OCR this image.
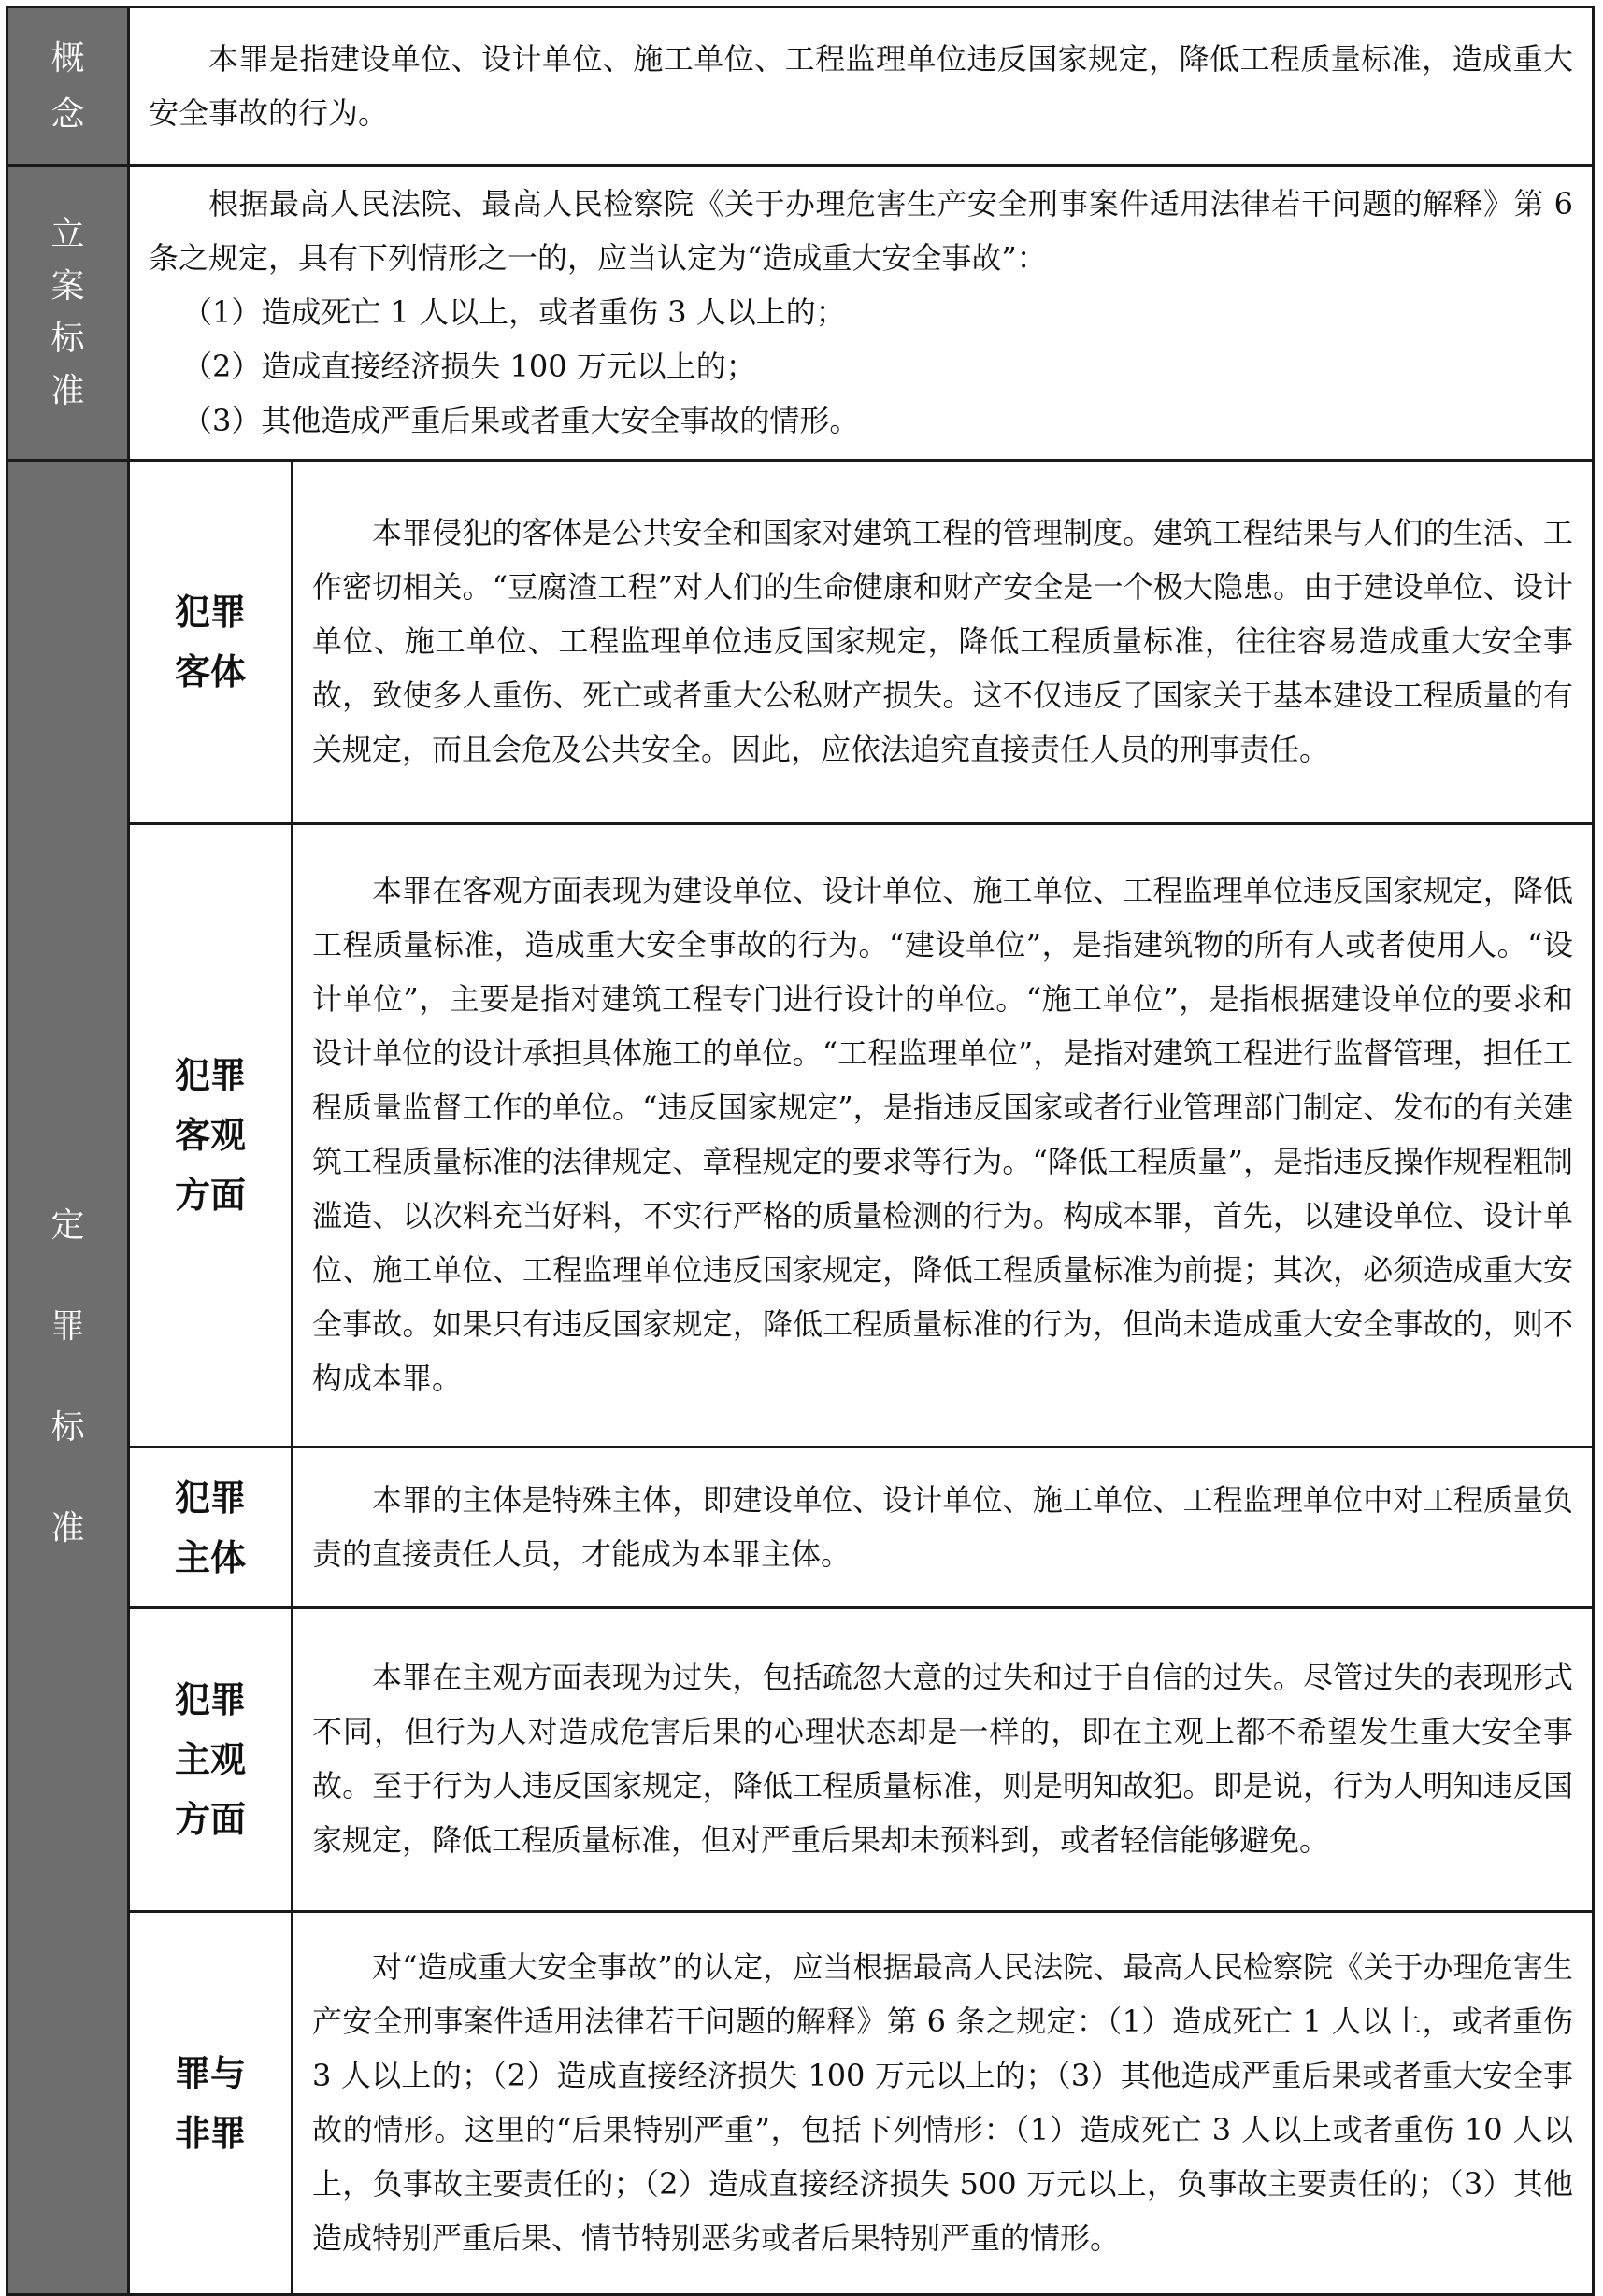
概念	本罪是指建设单位、设计单位、施工单位、工程监理单位违反国家规定，降低工程质量标准，造成重大安全事故的行为。	

立案标准	根据最高人民法院、最高人民检察院《关于办理危害生产安全刑事案件适用法律若干问题的解释》第 6 条之规定，具有下列情形之一的，应当认定为“造成重大安全事故”：

（1）造成死亡 1 人以上，或者重伤 3 人以上的；

（2）造成直接经济损失 100 万元以上的；

（3）其他造成严重后果或者重大安全事故的情形。	

定罪标准	犯罪客体	本罪侵犯的客体是公共安全和国家对建筑工程的管理制度。建筑工程结果与人们的生活、工作密切相关。“豆腐渣工程”对人们的生命健康和财产安全是一个极大隐患。由于建设单位、设计单位、施工单位、工程监理单位违反国家规定，降低工程质量标准，往往容易造成重大安全事故，致使多人重伤、死亡或者重大公私财产损失。这不仅违反了国家关于基本建设工程质量的有关规定，而且会危及公共安全。因此，应依法追究直接责任人员的刑事责任。

	犯罪客观方面	本罪在客观方面表现为建设单位、设计单位、施工单位、工程监理单位违反国家规定，降低工程质量标准，造成重大安全事故的行为。“建设单位”，是指建筑物的所有人或者使用人。“设计单位”，主要是指对建筑工程专门进行设计的单位。“施工单位”，是指根据建设单位的要求和设计单位的设计承担具体施工的单位。“工程监理单位”，是指对建筑工程进行监督管理，担任工程质量监督工作的单位。“违反国家规定”，是指违反国家或者行业管理部门制定、发布的有关建筑工程质量标准的法律规定、章程规定的要求等行为。“降低工程质量”，是指违反操作规程粗制滥造、以次料充当好料，不实行严格的质量检测的行为。构成本罪，首先，以建设单位、设计单位、施工单位、工程监理单位违反国家规定，降低工程质量标准为前提；其次，必须造成重大安全事故。如果只有违反国家规定，降低工程质量标准的行为，但尚未造成重大安全事故的，则不构成本罪。

	犯罪主体	本罪的主体是特殊主体，即建设单位、设计单位、施工单位、工程监理单位中对工程质量负责的直接责任人员，才能成为本罪主体。

	犯罪主观方面	本罪在主观方面表现为过失，包括疏忽大意的过失和过于自信的过失。尽管过失的表现形式不同，但行为人对造成危害后果的心理状态却是一样的，即在主观上都不希望发生重大安全事故。至于行为人违反国家规定，降低工程质量标准，则是明知故犯。即是说，行为人明知违反国家规定，降低工程质量标准，但对严重后果却未预料到，或者轻信能够避免。

	罪与非罪	对“造成重大安全事故”的认定，应当根据最高人民法院、最高人民检察院《关于办理危害生产安全刑事案件适用法律若干问题的解释》第 6 条之规定：（1）造成死亡 1 人以上，或者重伤 3 人以上的；（2）造成直接经济损失 100 万元以上的；（3）其他造成严重后果或者重大安全事故的情形。这里的“后果特别严重”，包括下列情形：（1）造成死亡 3 人以上或者重伤 10 人以上，负事故主要责任的；（2）造成直接经济损失 500 万元以上，负事故主要责任的；（3）其他造成特别严重后果、情节特别恶劣或者后果特别严重的情形。
